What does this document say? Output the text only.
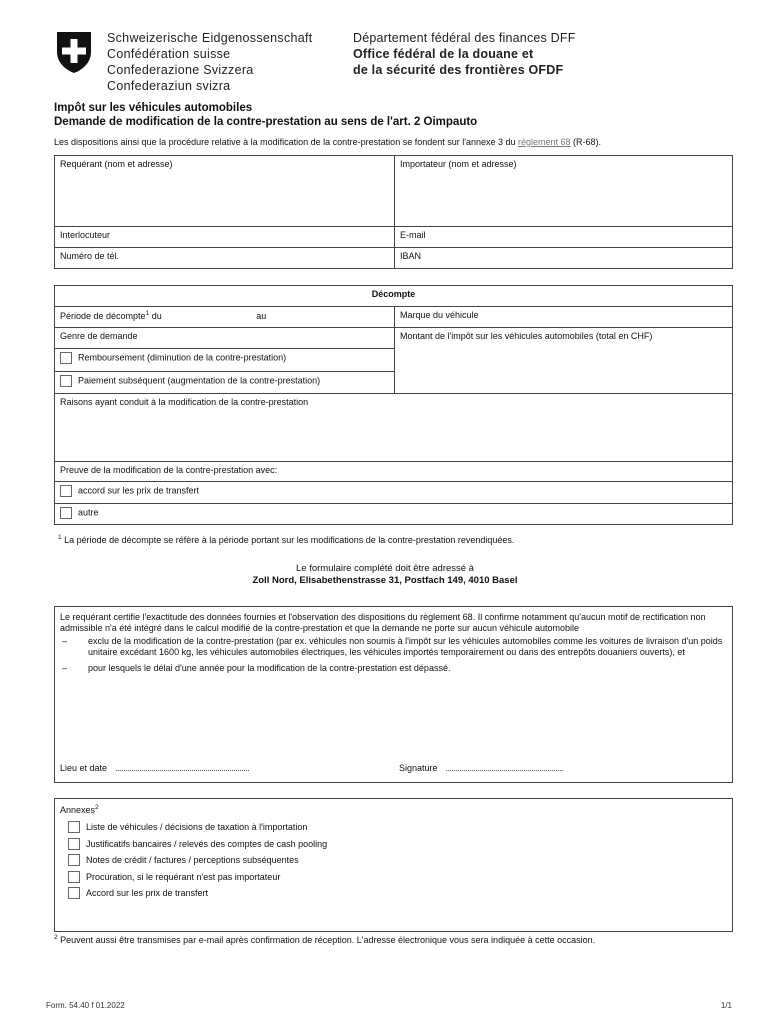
Schweizerische Eidgenossenschaft
Confédération suisse
Confederazione Svizzera
Confederaziun svizra
Département fédéral des finances DFF
Office fédéral de la douane et
de la sécurité des frontières OFDF
Impôt sur les véhicules automobiles
Demande de modification de la contre-prestation au sens de l'art. 2 Oimpauto
Les dispositions ainsi que la procédure relative à la modification de la contre-prestation se fondent sur l'annexe 3 du règlement 68 (R-68).
Requérant (nom et adresse)	Importateur (nom et adresse)
Interlocuteur	E-mail
Numéro de tél.	IBAN
Décompte	
Période de décompte$^1$ du au	Marque du véhicule
Genre de demande	Montant de l'impôt sur les véhicules automobiles (total en CHF)
Remboursement (diminution de la contre-prestation)	
Paiement subséquent (augmentation de la contre-prestation)	
Raisons ayant conduit à la modification de la contre-prestation	
Preuve de la modification de la contre-prestation avec:	
accord sur les prix de transfert	
autre	
$^1$ La période de décompte se réfère à la période portant sur les modifications de la contre-prestation revendiquées.
Le formulaire complété doit être adressé à
Zoll Nord, Elisabethenstrasse 31, Postfach 149, 4010 Basel
Le requérant certifie l'exactitude des données fournies et l'observation des dispositions du règlement 68. Il confirme notamment qu'aucun motif de rectification non admissible n'a été intégré dans le calcul modifié de la contre-prestation et que la demande ne porte sur aucun véhicule automobile
–	exclu de la modification de la contre-prestation (par ex. véhicules non soumis à l'impôt sur les véhicules automobiles comme les voitures de livraison d'un poids unitaire excédant 1600 kg, les véhicules automobiles électriques, les véhicules importés temporairement ou dans des entrepôts douaniers ouverts), et
–	pour lesquels le délai d'une année pour la modification de la contre-prestation est dépassé.
Lieu et date ...................................................................	Signature ...........................................................
Annexes$^2$
Liste de véhicules / décisions de taxation à l'importation
Justificatifs bancaires / relevés des comptes de cash pooling
Notes de crédit / factures / perceptions subséquentes
Procuration, si le requérant n'est pas importateur
Accord sur les prix de transfert
$^2$ Peuvent aussi être transmises par e-mail après confirmation de réception. L'adresse électronique vous sera indiquée à cette occasion.
Form. 54.40 f 01.2022	1/1
